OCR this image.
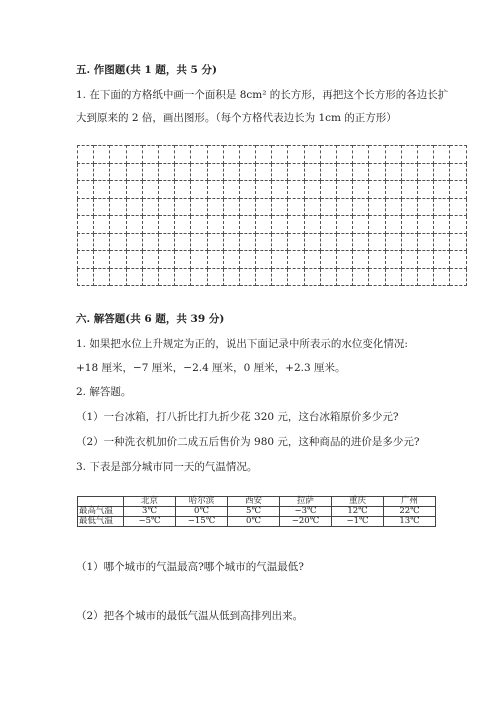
五. 作图题(共 1 题，共 5 分)
1. 在下面的方格纸中画一个面积是 8cm² 的长方形，再把这个长方形的各边长扩
大到原来的 2 倍，画出图形。（每个方格代表边长为 1cm 的正方形）

六. 解答题(共 6 题，共 39 分)
1. 如果把水位上升规定为正的，说出下面记录中所表示的水位变化情况:
+18 厘米，−7 厘米，−2.4 厘米，0 厘米，+2.3 厘米。
2. 解答题。
（1）一台冰箱，打八折比打九折少花 320 元，这台冰箱原价多少元?
（2）一种洗衣机加价二成五后售价为 980 元，这种商品的进价是多少元?
3. 下表是部分城市同一天的气温情况。
	北京	哈尔滨	西安	拉萨	重庆	广州
最高气温	3℃	0℃	5℃	−3℃	12℃	22℃
最低气温	−5℃	−15℃	0℃	−20℃	−1℃	13℃
（1）哪个城市的气温最高?哪个城市的气温最低?
（2）把各个城市的最低气温从低到高排列出来。
